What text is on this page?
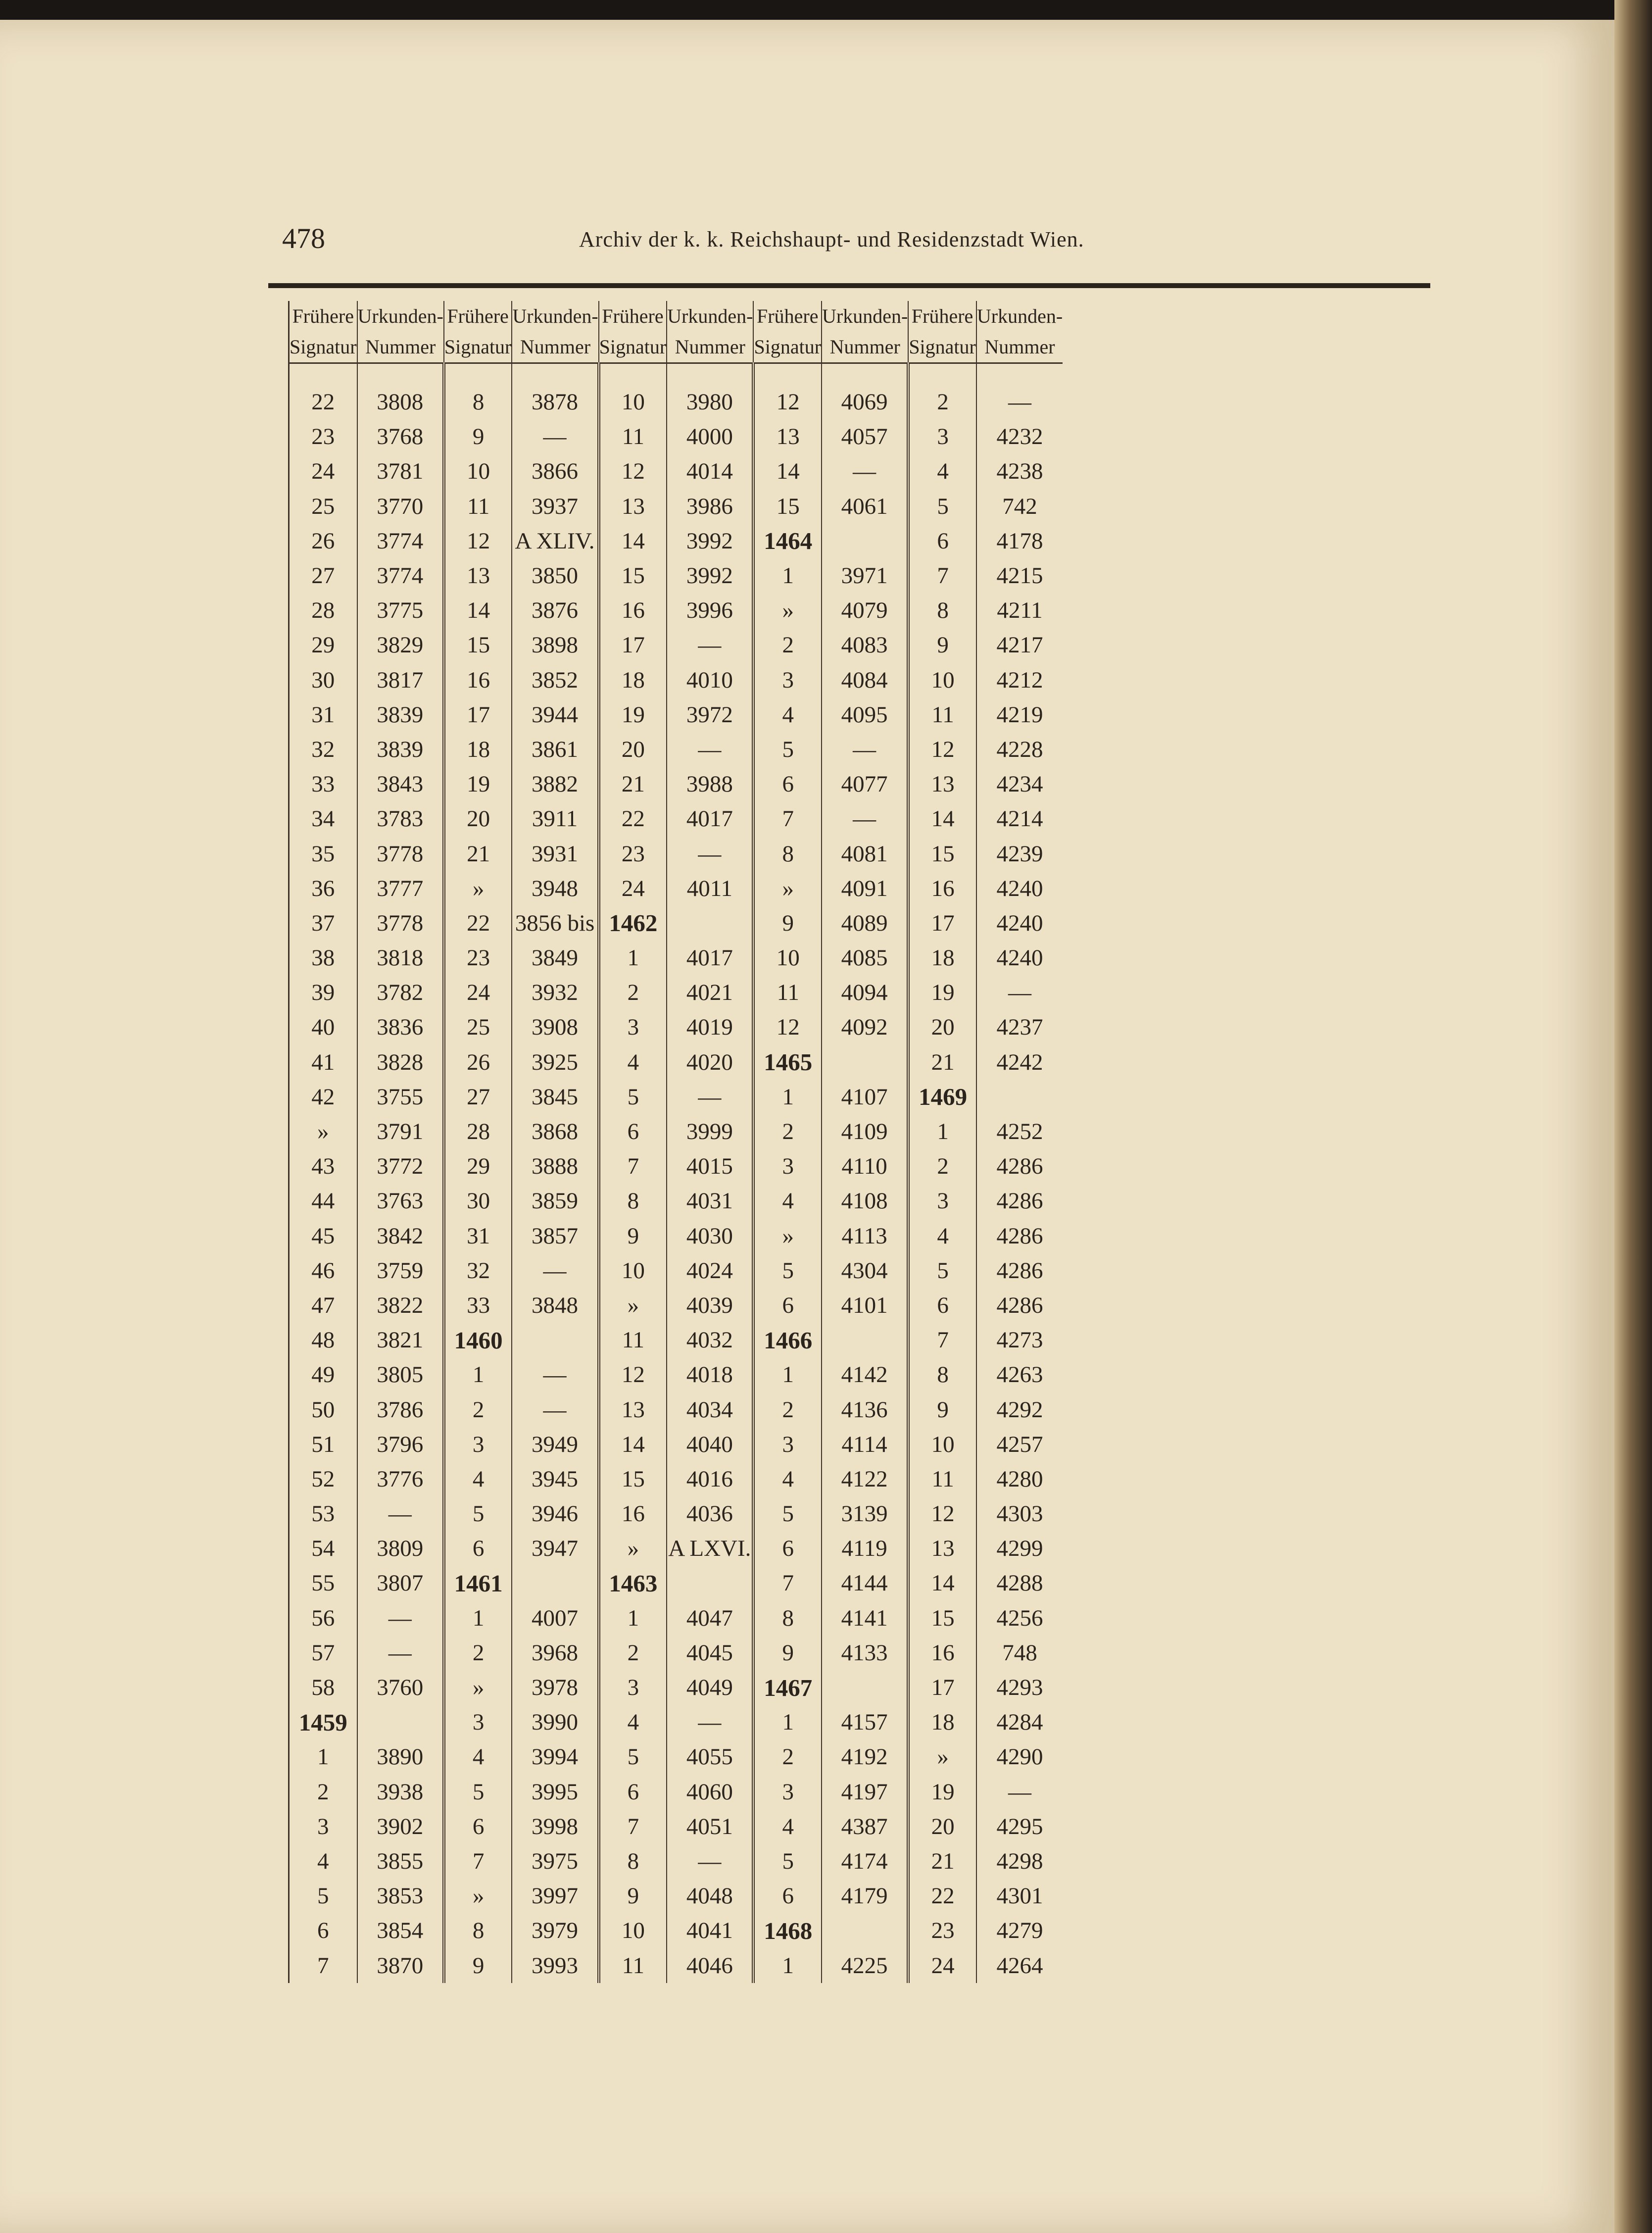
478	Archiv der k. k. Reichshaupt- und Residenzstadt Wien.
Frühere Signatur	Urkunden- Nummer	Frühere Signatur	Urkunden- Nummer	Frühere Signatur	Urkunden- Nummer	Frühere Signatur	Urkunden- Nummer	Frühere Signatur	Urkunden- Nummer
22	3808	8	3878	10	3980	12	4069	2	—
23	3768	9	—	11	4000	13	4057	3	4232
24	3781	10	3866	12	4014	14	—	4	4238
25	3770	11	3937	13	3986	15	4061	5	742
26	3774	12	A XLIV.	14	3992	1464		6	4178
27	3774	13	3850	15	3992	1	3971	7	4215
28	3775	14	3876	16	3996	»	4079	8	4211
29	3829	15	3898	17	—	2	4083	9	4217
30	3817	16	3852	18	4010	3	4084	10	4212
31	3839	17	3944	19	3972	4	4095	11	4219
32	3839	18	3861	20	—	5	—	12	4228
33	3843	19	3882	21	3988	6	4077	13	4234
34	3783	20	3911	22	4017	7	—	14	4214
35	3778	21	3931	23	—	8	4081	15	4239
36	3777	»	3948	24	4011	»	4091	16	4240
37	3778	22	3856 bis	1462		9	4089	17	4240
38	3818	23	3849	1	4017	10	4085	18	4240
39	3782	24	3932	2	4021	11	4094	19	—
40	3836	25	3908	3	4019	12	4092	20	4237
41	3828	26	3925	4	4020	1465		21	4242
42	3755	27	3845	5	—	1	4107	1469	
»	3791	28	3868	6	3999	2	4109	1	4252
43	3772	29	3888	7	4015	3	4110	2	4286
44	3763	30	3859	8	4031	4	4108	3	4286
45	3842	31	3857	9	4030	»	4113	4	4286
46	3759	32	—	10	4024	5	4304	5	4286
47	3822	33	3848	»	4039	6	4101	6	4286
48	3821	1460		11	4032	1466		7	4273
49	3805	1	—	12	4018	1	4142	8	4263
50	3786	2	—	13	4034	2	4136	9	4292
51	3796	3	3949	14	4040	3	4114	10	4257
52	3776	4	3945	15	4016	4	4122	11	4280
53	—	5	3946	16	4036	5	3139	12	4303
54	3809	6	3947	»	A LXVI.	6	4119	13	4299
55	3807	1461		1463		7	4144	14	4288
56	—	1	4007	1	4047	8	4141	15	4256
57	—	2	3968	2	4045	9	4133	16	748
58	3760	»	3978	3	4049	1467		17	4293
1459		3	3990	4	—	1	4157	18	4284
1	3890	4	3994	5	4055	2	4192	»	4290
2	3938	5	3995	6	4060	3	4197	19	—
3	3902	6	3998	7	4051	4	4387	20	4295
4	3855	7	3975	8	—	5	4174	21	4298
5	3853	»	3997	9	4048	6	4179	22	4301
6	3854	8	3979	10	4041	1468		23	4279
7	3870	9	3993	11	4046	1	4225	24	4264
